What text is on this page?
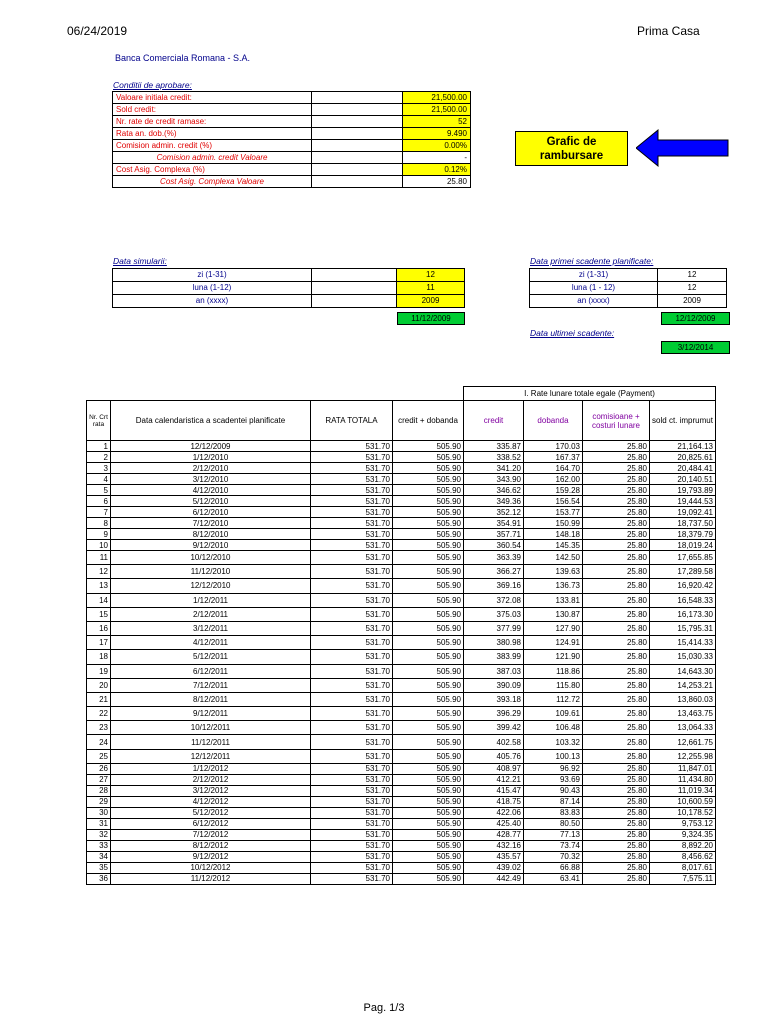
06/24/2019	Prima Casa
Banca Comerciala Romana - S.A.
Conditii de aprobare:
Valoare initiala credit:		21,500.00
Sold credit:		21,500.00
Nr. rate de credit ramase:		52
Rata an. dob.(%)		9.490
Comision admin. credit (%)		0.00%
Comision admin. credit Valoare		-
Cost Asig. Complexa (%)		0.12%
Cost Asig. Complexa Valoare		25.80
Grafic de rambursare
Data simularii:
zi (1-31)		12
luna (1-12)		11
an (xxxx)		2009
11/12/2009
Data primei scadente planificate:
zi (1-31)	12
luna (1 - 12)	12
an (xxxx)	2009
12/12/2009
Data ultimei scadente:
3/12/2014
				I. Rate lunare totale egale (Payment)			
Nr. Crt rata	Data calendaristica a scadentei planificate	RATA TOTALA	credit + dobanda	credit	dobanda	comisioane + costuri lunare	sold ct. imprumut
1	12/12/2009	531.70	505.90	335.87	170.03	25.80	21,164.13
2	1/12/2010	531.70	505.90	338.52	167.37	25.80	20,825.61
3	2/12/2010	531.70	505.90	341.20	164.70	25.80	20,484.41
4	3/12/2010	531.70	505.90	343.90	162.00	25.80	20,140.51
5	4/12/2010	531.70	505.90	346.62	159.28	25.80	19,793.89
6	5/12/2010	531.70	505.90	349.36	156.54	25.80	19,444.53
7	6/12/2010	531.70	505.90	352.12	153.77	25.80	19,092.41
8	7/12/2010	531.70	505.90	354.91	150.99	25.80	18,737.50
9	8/12/2010	531.70	505.90	357.71	148.18	25.80	18,379.79
10	9/12/2010	531.70	505.90	360.54	145.35	25.80	18,019.24
11	10/12/2010	531.70	505.90	363.39	142.50	25.80	17,655.85
12	11/12/2010	531.70	505.90	366.27	139.63	25.80	17,289.58
13	12/12/2010	531.70	505.90	369.16	136.73	25.80	16,920.42
14	1/12/2011	531.70	505.90	372.08	133.81	25.80	16,548.33
15	2/12/2011	531.70	505.90	375.03	130.87	25.80	16,173.30
16	3/12/2011	531.70	505.90	377.99	127.90	25.80	15,795.31
17	4/12/2011	531.70	505.90	380.98	124.91	25.80	15,414.33
18	5/12/2011	531.70	505.90	383.99	121.90	25.80	15,030.33
19	6/12/2011	531.70	505.90	387.03	118.86	25.80	14,643.30
20	7/12/2011	531.70	505.90	390.09	115.80	25.80	14,253.21
21	8/12/2011	531.70	505.90	393.18	112.72	25.80	13,860.03
22	9/12/2011	531.70	505.90	396.29	109.61	25.80	13,463.75
23	10/12/2011	531.70	505.90	399.42	106.48	25.80	13,064.33
24	11/12/2011	531.70	505.90	402.58	103.32	25.80	12,661.75
25	12/12/2011	531.70	505.90	405.76	100.13	25.80	12,255.98
26	1/12/2012	531.70	505.90	408.97	96.92	25.80	11,847.01
27	2/12/2012	531.70	505.90	412.21	93.69	25.80	11,434.80
28	3/12/2012	531.70	505.90	415.47	90.43	25.80	11,019.34
29	4/12/2012	531.70	505.90	418.75	87.14	25.80	10,600.59
30	5/12/2012	531.70	505.90	422.06	83.83	25.80	10,178.52
31	6/12/2012	531.70	505.90	425.40	80.50	25.80	9,753.12
32	7/12/2012	531.70	505.90	428.77	77.13	25.80	9,324.35
33	8/12/2012	531.70	505.90	432.16	73.74	25.80	8,892.20
34	9/12/2012	531.70	505.90	435.57	70.32	25.80	8,456.62
35	10/12/2012	531.70	505.90	439.02	66.88	25.80	8,017.61
36	11/12/2012	531.70	505.90	442.49	63.41	25.80	7,575.11
Pag. 1/3
